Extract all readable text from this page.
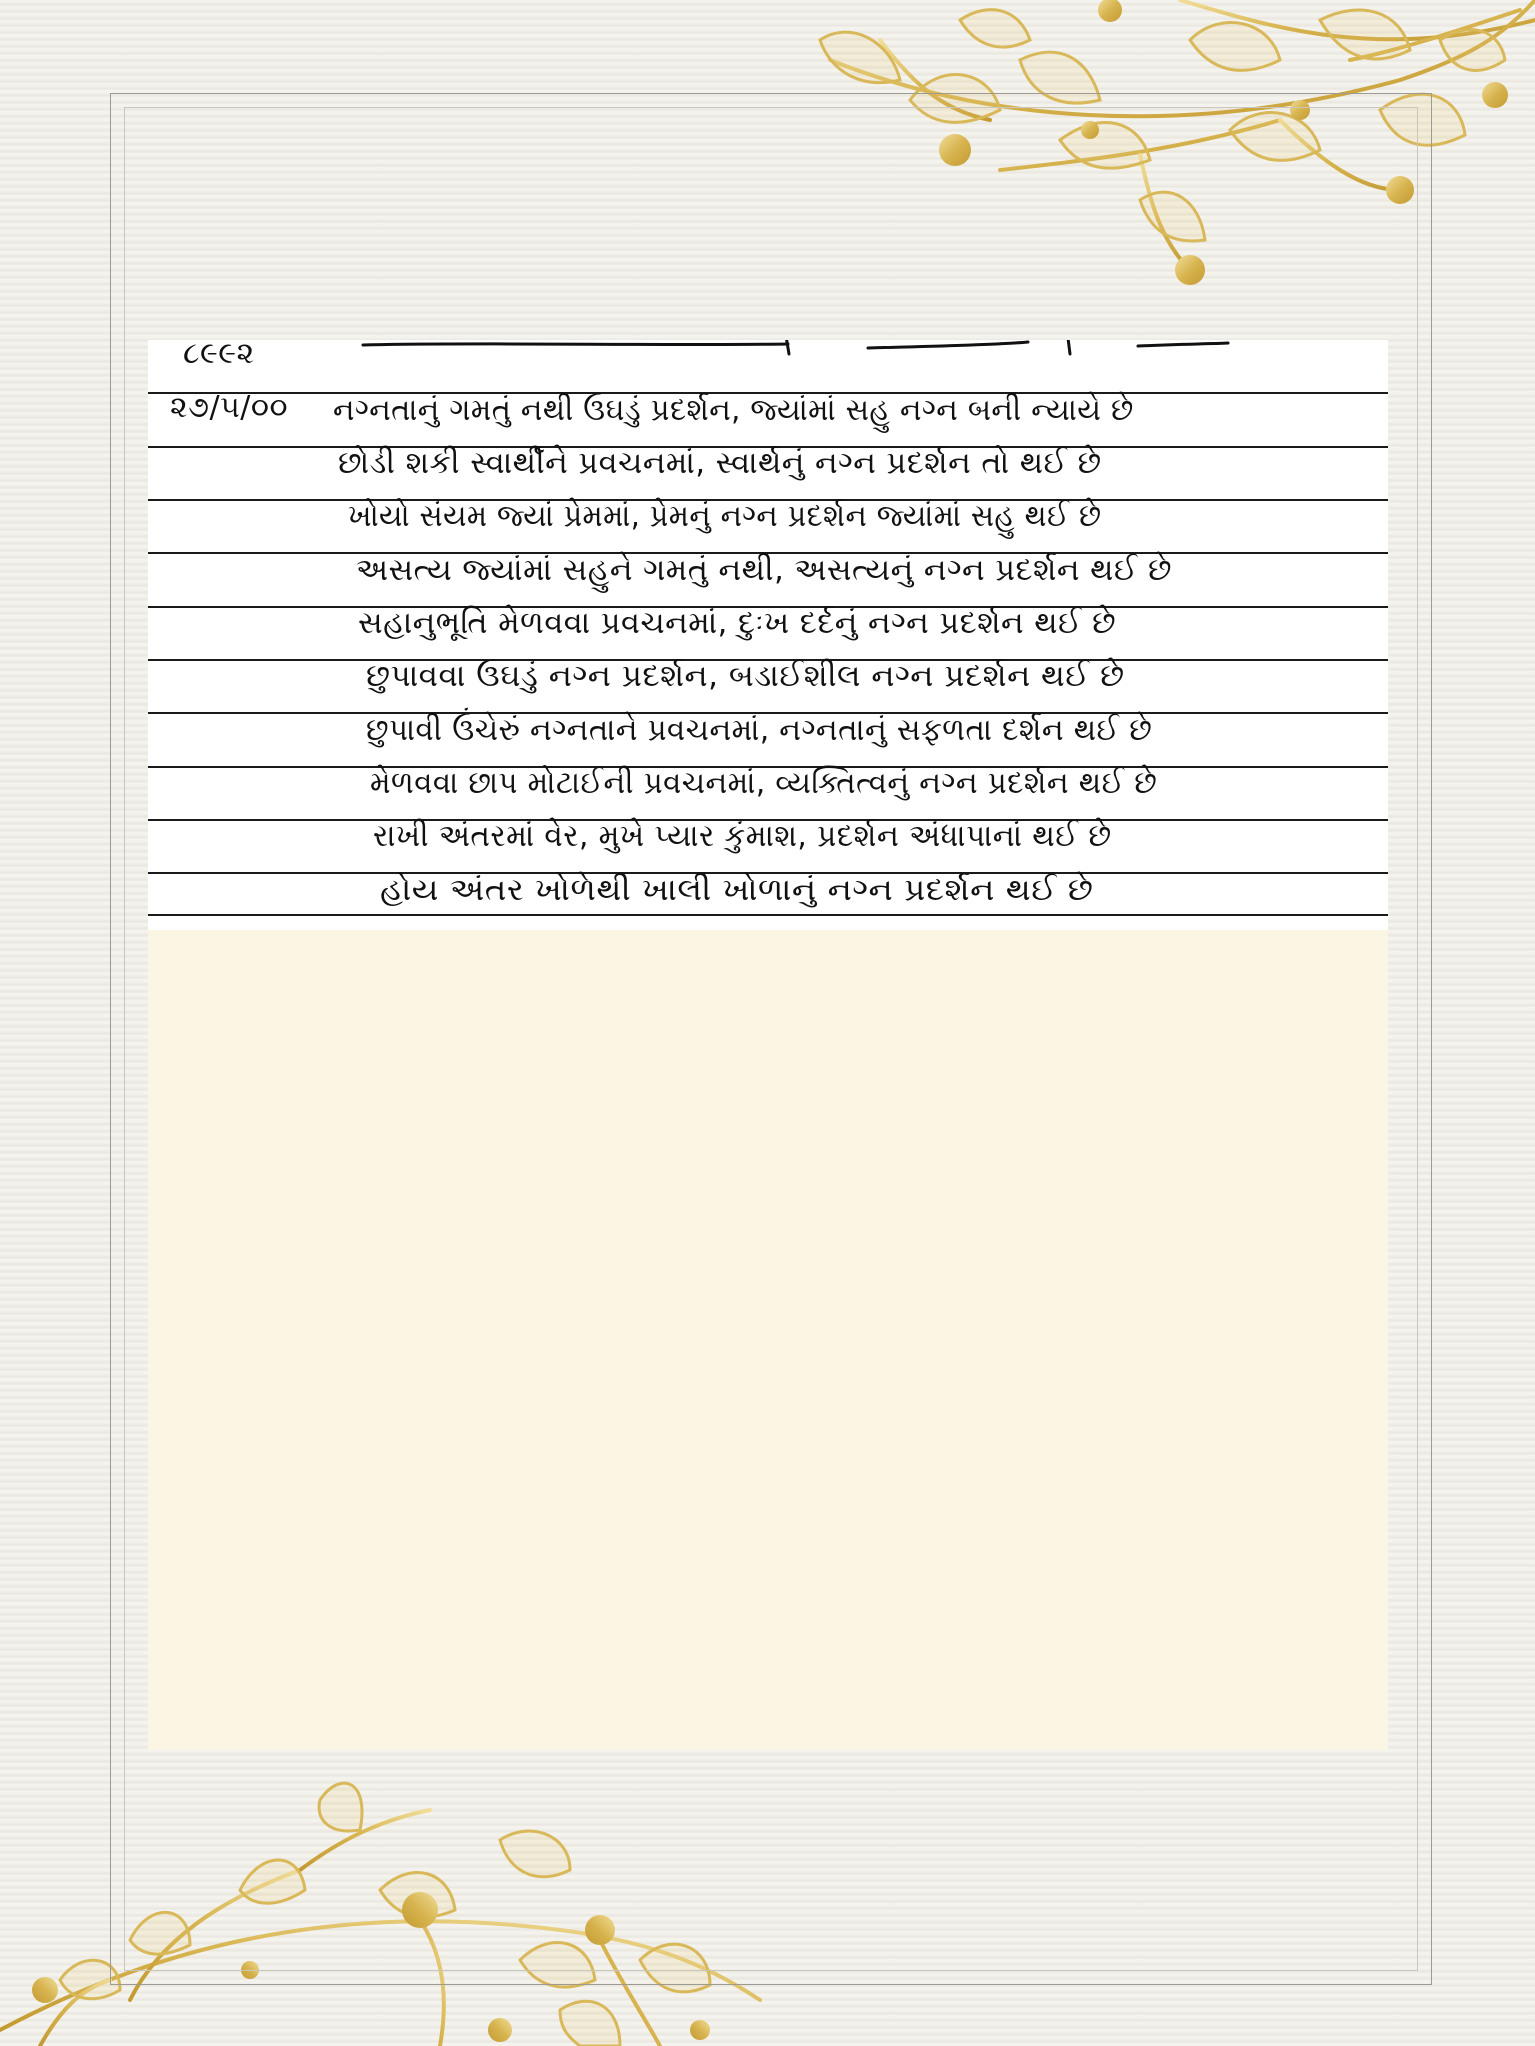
૮૯૯૨
૨૭/૫/૦૦ નગ્નતાનું ગમતું નથી ઉઘડું પ્રદર્શન, જ્યાંમાં સહુ નગ્ન બની ન્યાયે છે
છોડી શકી સ્વાર્થીંને પ્રવચનમાં, સ્વાર્થનું નગ્ન પ્રદર્શન તો થઈ છે
ખોયો સંયમ જ્યાં પ્રેમમાં, પ્રેમનું નગ્ન પ્રદર્શન જ્યાંમાં સહુ થઈ છે
અસત્ય જ્યાંમાં સહુને ગમતું નથી, અસત્યનું નગ્ન પ્રદર્શન થઈ છે
સહાનુભૂતિ મેળવવા પ્રવચનમાં, દુઃખ દર્દનું નગ્ન પ્રદર્શન થઈ છે
છુપાવવા ઉઘડું નગ્ન પ્રદર્શન, બડાઈશીલ નગ્ન પ્રદર્શન થઈ છે
છુપાવી ઉંચેરું નગ્નતાને પ્રવચનમાં, નગ્નતાનું સફળતા દર્શન થઈ છે
મેળવવા છાપ મોટાઈની પ્રવચનમાં, વ્યક્તિત્વનું નગ્ન પ્રદર્શન થઈ છે
રાખી અંતરમાં વેર, મુખે પ્યાર કુંમાશ, પ્રદર્શન અંધાપાનાં થઈ છે
હોય અંતર ખોળેથી ખાલી ખોળાનું નગ્ન પ્રદર્શન થઈ છે
